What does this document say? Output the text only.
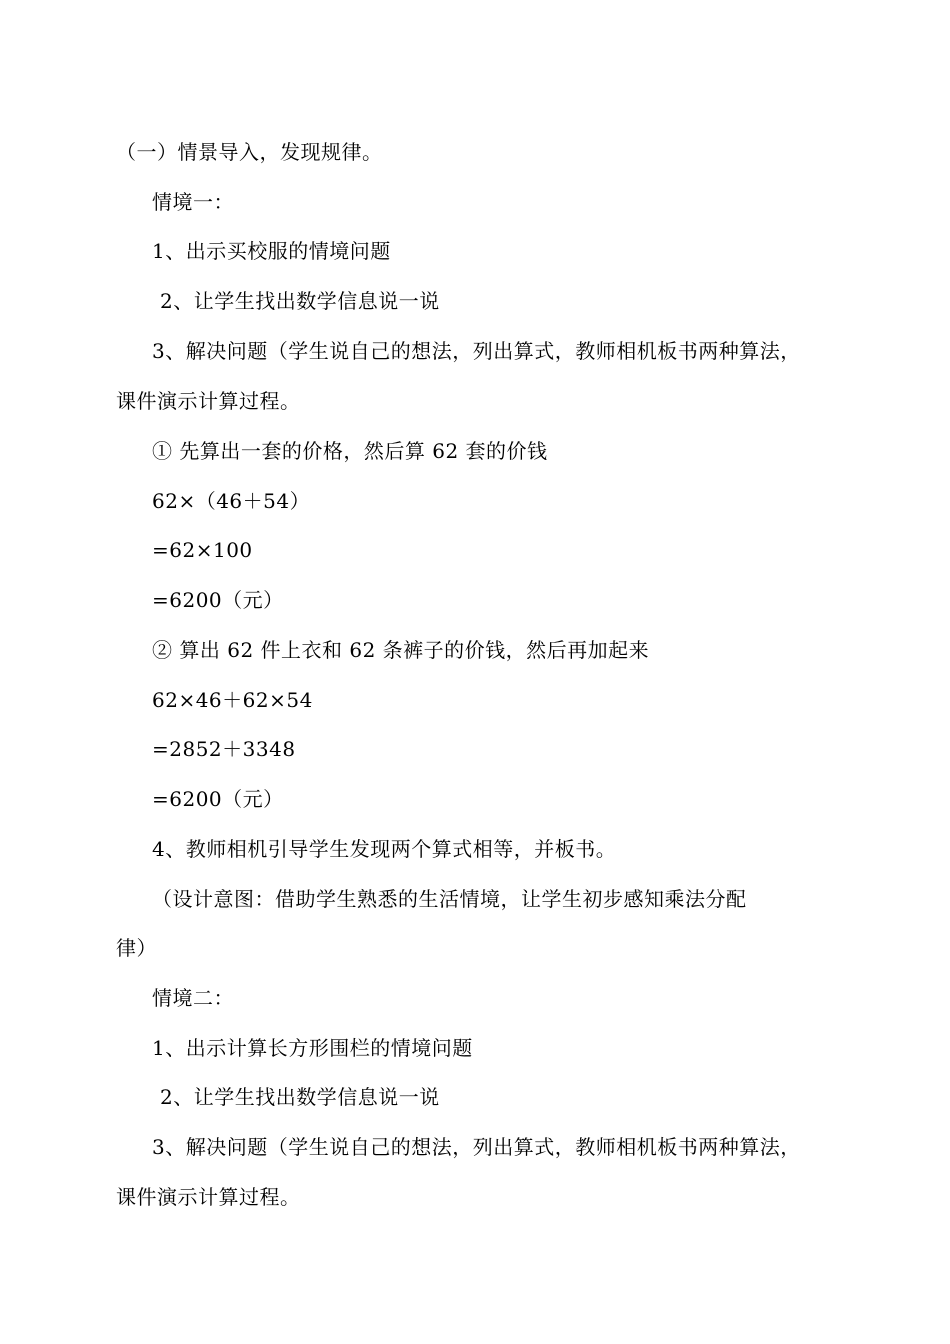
（一）情景导入，发现规律。
情境一：
1、出示买校服的情境问题
2、让学生找出数学信息说一说
3、解决问题（学生说自己的想法，列出算式，教师相机板书两种算法，
课件演示计算过程。
① 先算出一套的价格，然后算 62 套的价钱
62×（46＋54）
=62×100
=6200（元）
② 算出 62 件上衣和 62 条裤子的价钱，然后再加起来
62×46＋62×54
=2852＋3348
=6200（元）
4、教师相机引导学生发现两个算式相等，并板书。
（设计意图：借助学生熟悉的生活情境，让学生初步感知乘法分配
律）
情境二：
1、出示计算长方形围栏的情境问题
2、让学生找出数学信息说一说
3、解决问题（学生说自己的想法，列出算式，教师相机板书两种算法，
课件演示计算过程。
